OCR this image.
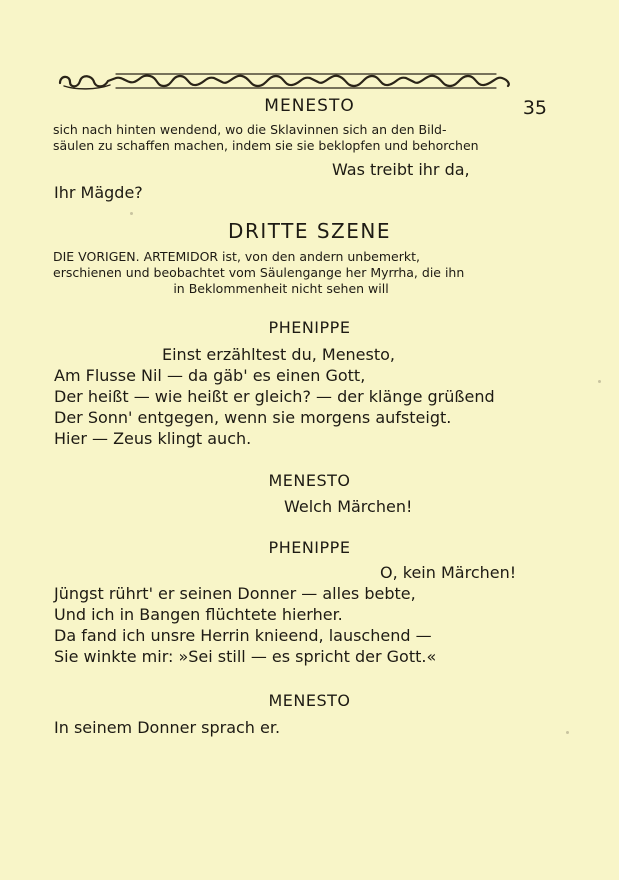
MENESTO	35
sich nach hinten wendend, wo die Sklavinnen sich an den Bild-
säulen zu schaffen machen, indem sie sie beklopfen und behorchen
Was treibt ihr da,
Ihr Mägde?
DRITTE SZENE
DIE VORIGEN. ARTEMIDOR ist, von den andern unbemerkt,
erschienen und beobachtet vom Säulengange her Myrrha, die ihn
in Beklommenheit nicht sehen will
PHENIPPE
Einst erzähltest du, Menesto,
Am Flusse Nil — da gäb' es einen Gott,
Der heißt — wie heißt er gleich? — der klänge grüßend
Der Sonn' entgegen, wenn sie morgens aufsteigt.
Hier — Zeus klingt auch.
MENESTO
Welch Märchen!
PHENIPPE
O, kein Märchen!
Jüngst rührt' er seinen Donner — alles bebte,
Und ich in Bangen flüchtete hierher.
Da fand ich unsre Herrin knieend, lauschend —
Sie winkte mir: »Sei still — es spricht der Gott.«
MENESTO
In seinem Donner sprach er.
